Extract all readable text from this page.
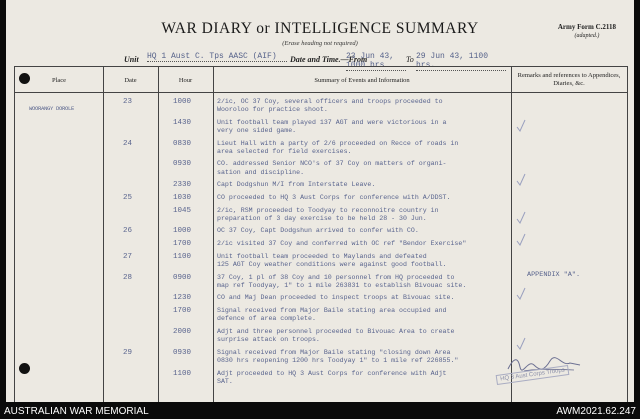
WAR DIARY or INTELLIGENCE SUMMARY
(Erase heading not required)
Army Form C.2118
(adapted.)
Unit HQ 1 Aust C. Tps AASC (AIF)	Date and Time.—From
23 Jun 43, 1000 hrs
To 29 Jun 43, 1100 hrs.
Place	Date	Hour	Summary of Events and Information
Remarks and references to Appendices, Diaries, &c.
WOORANGY DOROLE
23	1000	2/ic, OC 37 Coy, several officers and troops proceeded to
Wooroloo for practice shoot.
1430	Unit football team played 137 AGT and were victorious in a
very one sided game.
24	0830	Lieut Hall with a party of 2/6 proceeded on Recce of roads in
area selected for field exercises.
0930	CO. addressed Senior NCO's of 37 Coy on matters of organi-
sation and discipline.
2330	Capt Dodgshun M/I from Interstate Leave.
25	1030	CO proceeded to HQ 3 Aust Corps for conference with A/DDST.
1045	2/ic, RSM proceeded to Toodyay to reconnoitre country in
preparation of 3 day exercise to be held 28 - 30 Jun.
26	1000	OC 37 Coy, Capt Dodgshun arrived to confer with CO.
1700	2/ic visited 37 Coy and conferred with OC ref "Bendor Exercise"
27	1100	Unit football team proceeded to Maylands and defeated
125 AGT Coy weather conditions were against good football.
28	0900	37 Coy, 1 pl of 38 Coy and 10 personnel from HQ proceeded to
map ref Toodyay, 1" to 1 mile 263831 to establish Bivouac site.
1230	CO and Maj Dean proceeded to inspect troops at Bivouac site.
1700	Signal received from Major Baile stating area occupied and
defence of area complete.
2000	Adjt and three personnel proceeded to Bivouac Area to create
surprise attack on troops.
29	0930	Signal received from Major Baile stating "closing down Area
0830 hrs reopening 1200 hrs Toodyay 1" to 1 mile ref 226855."
1100	Adjt proceeded to HQ 3 Aust Corps for conference with Adjt
SAT.
APPENDIX "A".
HQ 3 Aust Corps Troops
AUSTRALIAN WAR MEMORIAL	AWM2021.62.247
